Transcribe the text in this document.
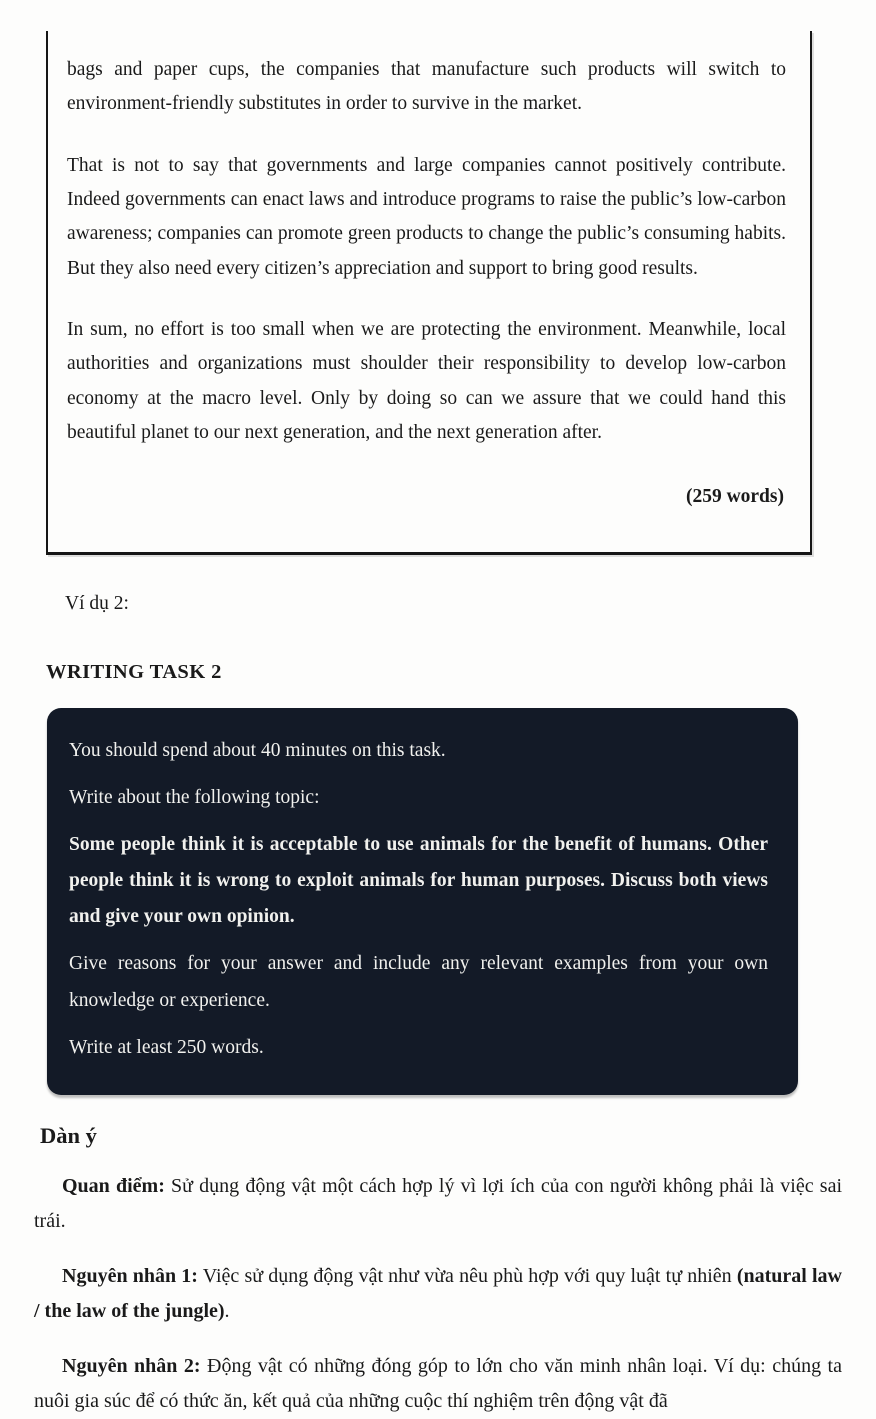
bags and paper cups, the companies that manufacture such products will switch to environment-friendly substitutes in order to survive in the market.

That is not to say that governments and large companies cannot positively contribute. Indeed governments can enact laws and introduce programs to raise the public’s low-carbon awareness; companies can promote green products to change the public’s consuming habits. But they also need every citizen’s appreciation and support to bring good results.

In sum, no effort is too small when we are protecting the environment. Meanwhile, local authorities and organizations must shoulder their responsibility to develop low-carbon economy at the macro level. Only by doing so can we assure that we could hand this beautiful planet to our next generation, and the next generation after.

(259 words)

Ví dụ 2:

WRITING TASK 2

You should spend about 40 minutes on this task.

Write about the following topic:

Some people think it is acceptable to use animals for the benefit of humans. Other people think it is wrong to exploit animals for human purposes. Discuss both views and give your own opinion.

Give reasons for your answer and include any relevant examples from your own knowledge or experience.

Write at least 250 words.

Dàn ý

Quan điểm: Sử dụng động vật một cách hợp lý vì lợi ích của con người không phải là việc sai trái.

Nguyên nhân 1: Việc sử dụng động vật như vừa nêu phù hợp với quy luật tự nhiên (natural law / the law of the jungle).

Nguyên nhân 2: Động vật có những đóng góp to lớn cho văn minh nhân loại. Ví dụ: chúng ta nuôi gia súc để có thức ăn, kết quả của những cuộc thí nghiệm trên động vật đã
